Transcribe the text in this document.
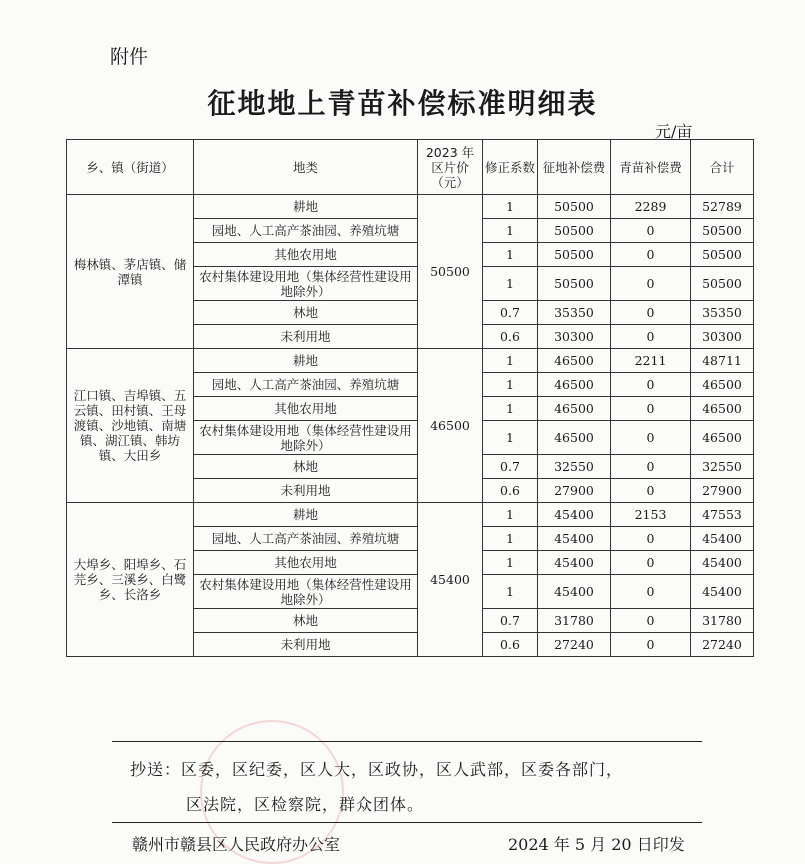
附件
征地地上青苗补偿标准明细表
元/亩
乡、镇（街道）	地类	2023 年区片价（元）	修正系数	征地补偿费	青苗补偿费	合计
梅林镇、茅店镇、储潭镇	耕地	50500	1	50500	2289	52789
	园地、人工高产茶油园、养殖坑塘		1	50500	0	50500
	其他农用地		1	50500	0	50500
	农村集体建设用地（集体经营性建设用地除外）		1	50500	0	50500
	林地		0.7	35350	0	35350
	未利用地		0.6	30300	0	30300
江口镇、吉埠镇、五云镇、田村镇、王母渡镇、沙地镇、南塘镇、湖江镇、韩坊镇、大田乡	耕地	46500	1	46500	2211	48711
	园地、人工高产茶油园、养殖坑塘		1	46500	0	46500
	其他农用地		1	46500	0	46500
	农村集体建设用地（集体经营性建设用地除外）		1	46500	0	46500
	林地		0.7	32550	0	32550
	未利用地		0.6	27900	0	27900
大埠乡、阳埠乡、石芫乡、三溪乡、白鹭乡、长洛乡	耕地	45400	1	45400	2153	47553
	园地、人工高产茶油园、养殖坑塘		1	45400	0	45400
	其他农用地		1	45400	0	45400
	农村集体建设用地（集体经营性建设用地除外）		1	45400	0	45400
	林地		0.7	31780	0	31780
	未利用地		0.6	27240	0	27240
抄送：区委，区纪委，区人大，区政协，区人武部，区委各部门，
区法院，区检察院，群众团体。
赣州市赣县区人民政府办公室	2024 年 5 月 20 日印发
